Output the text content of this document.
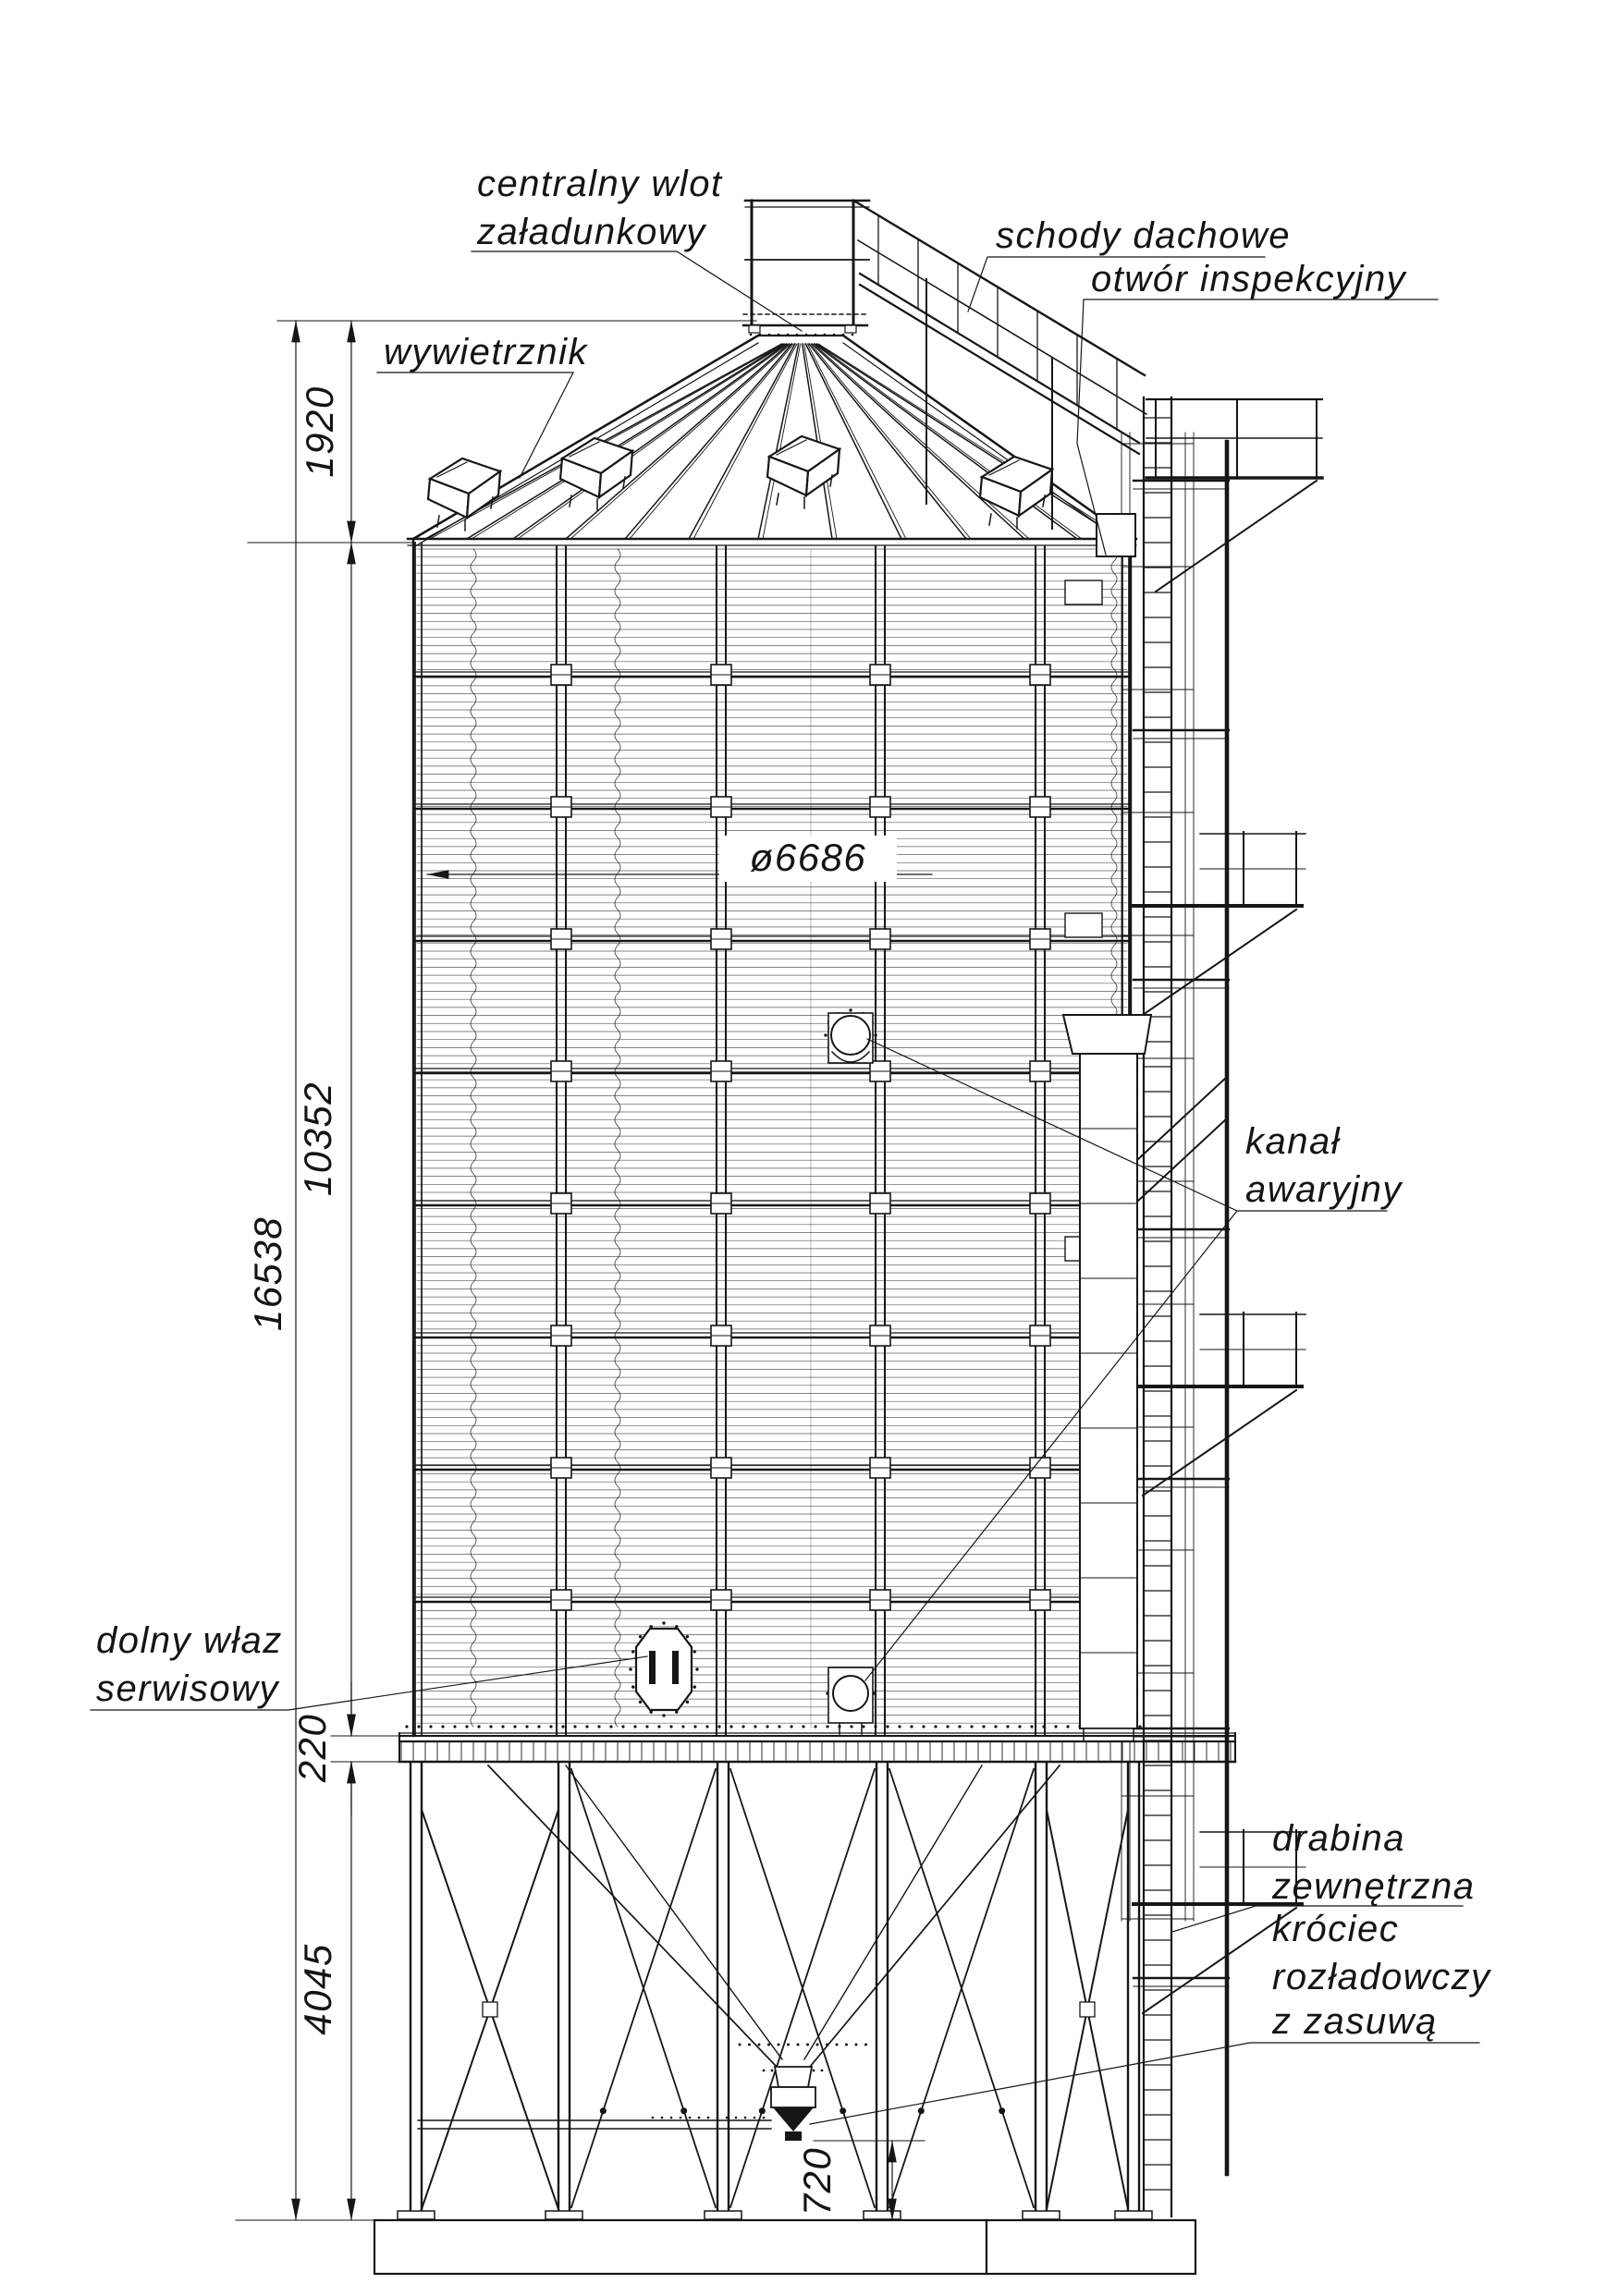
ø6686
16538
1920
10352
220
4045
720
centralny wlot
załadunkowy
wywietrznik
schody dachowe
otwór inspekcyjny
kanał
awaryjny
dolny właz
serwisowy
drabina
zewnętrzna
króciec
rozładowczy
z zasuwą
